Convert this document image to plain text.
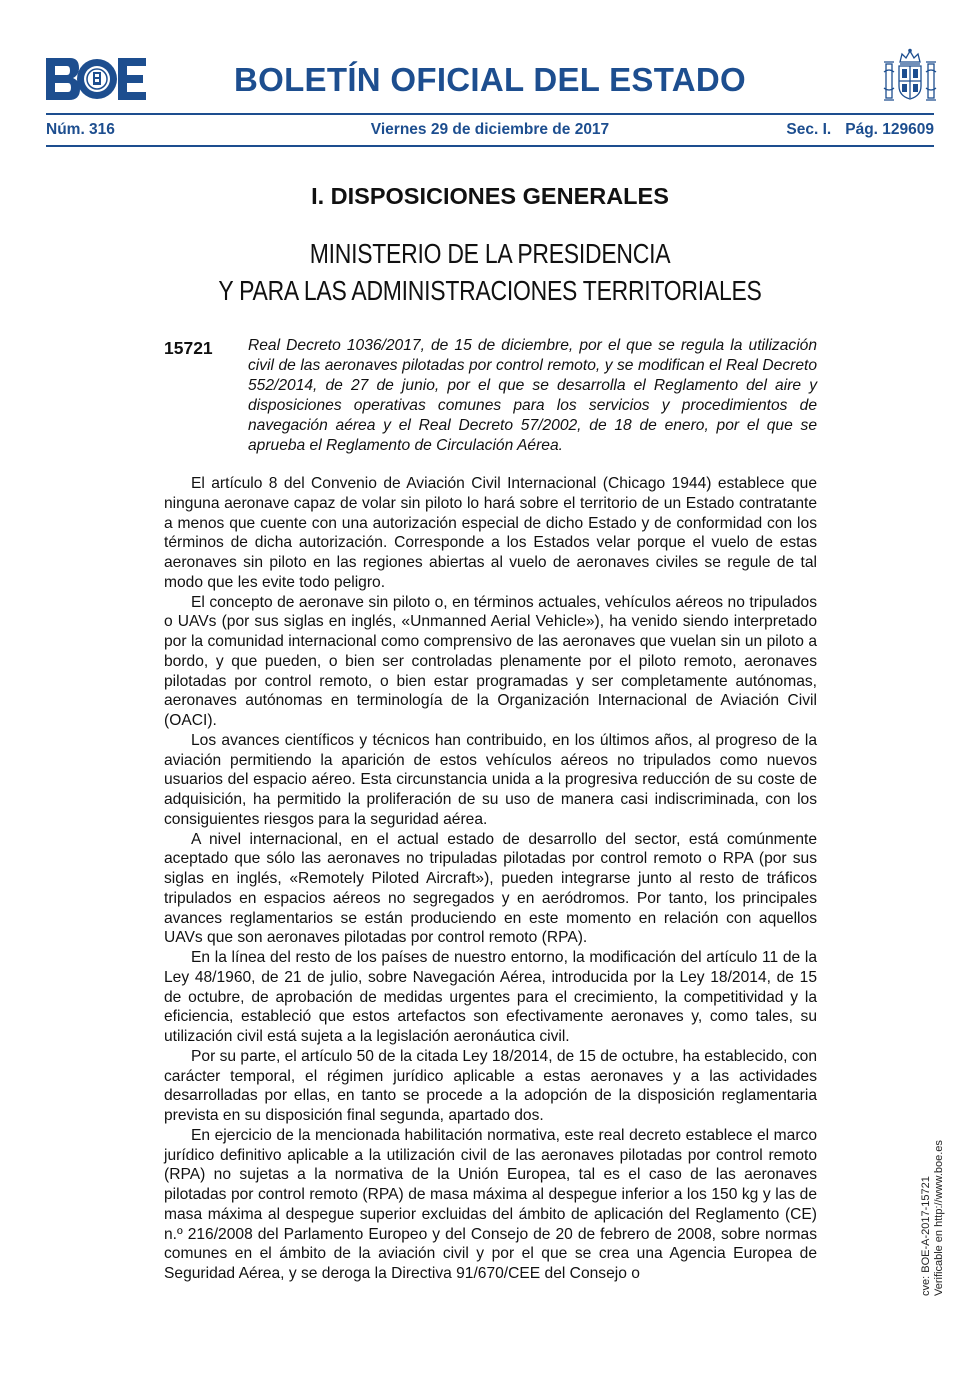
BOLETÍN OFICIAL DEL ESTADO
Núm. 316	Viernes 29 de diciembre de 2017	Sec. I. Pág. 129609
I. DISPOSICIONES GENERALES
MINISTERIO DE LA PRESIDENCIA
Y PARA LAS ADMINISTRACIONES TERRITORIALES
15721 Real Decreto 1036/2017, de 15 de diciembre, por el que se regula la utilización civil de las aeronaves pilotadas por control remoto, y se modifican el Real Decreto 552/2014, de 27 de junio, por el que se desarrolla el Reglamento del aire y disposiciones operativas comunes para los servicios y procedimientos de navegación aérea y el Real Decreto 57/2002, de 18 de enero, por el que se aprueba el Reglamento de Circulación Aérea.

El artículo 8 del Convenio de Aviación Civil Internacional (Chicago 1944) establece que ninguna aeronave capaz de volar sin piloto lo hará sobre el territorio de un Estado contratante a menos que cuente con una autorización especial de dicho Estado y de conformidad con los términos de dicha autorización. Corresponde a los Estados velar porque el vuelo de estas aeronaves sin piloto en las regiones abiertas al vuelo de aeronaves civiles se regule de tal modo que les evite todo peligro.

El concepto de aeronave sin piloto o, en términos actuales, vehículos aéreos no tripulados o UAVs (por sus siglas en inglés, «Unmanned Aerial Vehicle»), ha venido siendo interpretado por la comunidad internacional como comprensivo de las aeronaves que vuelan sin un piloto a bordo, y que pueden, o bien ser controladas plenamente por el piloto remoto, aeronaves pilotadas por control remoto, o bien estar programadas y ser completamente autónomas, aeronaves autónomas en terminología de la Organización Internacional de Aviación Civil (OACI).

Los avances científicos y técnicos han contribuido, en los últimos años, al progreso de la aviación permitiendo la aparición de estos vehículos aéreos no tripulados como nuevos usuarios del espacio aéreo. Esta circunstancia unida a la progresiva reducción de su coste de adquisición, ha permitido la proliferación de su uso de manera casi indiscriminada, con los consiguientes riesgos para la seguridad aérea.

A nivel internacional, en el actual estado de desarrollo del sector, está comúnmente aceptado que sólo las aeronaves no tripuladas pilotadas por control remoto o RPA (por sus siglas en inglés, «Remotely Piloted Aircraft»), pueden integrarse junto al resto de tráficos tripulados en espacios aéreos no segregados y en aeródromos. Por tanto, los principales avances reglamentarios se están produciendo en este momento en relación con aquellos UAVs que son aeronaves pilotadas por control remoto (RPA).

En la línea del resto de los países de nuestro entorno, la modificación del artículo 11 de la Ley 48/1960, de 21 de julio, sobre Navegación Aérea, introducida por la Ley 18/2014, de 15 de octubre, de aprobación de medidas urgentes para el crecimiento, la competitividad y la eficiencia, estableció que estos artefactos son efectivamente aeronaves y, como tales, su utilización civil está sujeta a la legislación aeronáutica civil.

Por su parte, el artículo 50 de la citada Ley 18/2014, de 15 de octubre, ha establecido, con carácter temporal, el régimen jurídico aplicable a estas aeronaves y a las actividades desarrolladas por ellas, en tanto se procede a la adopción de la disposición reglamentaria prevista en su disposición final segunda, apartado dos.

En ejercicio de la mencionada habilitación normativa, este real decreto establece el marco jurídico definitivo aplicable a la utilización civil de las aeronaves pilotadas por control remoto (RPA) no sujetas a la normativa de la Unión Europea, tal es el caso de las aeronaves pilotadas por control remoto (RPA) de masa máxima al despegue inferior a los 150 kg y las de masa máxima al despegue superior excluidas del ámbito de aplicación del Reglamento (CE) n.º 216/2008 del Parlamento Europeo y del Consejo de 20 de febrero de 2008, sobre normas comunes en el ámbito de la aviación civil y por el que se crea una Agencia Europea de Seguridad Aérea, y se deroga la Directiva 91/670/CEE del Consejo o	cve: BOE-A-2017-15721 Verificable en http://www.boe.es
